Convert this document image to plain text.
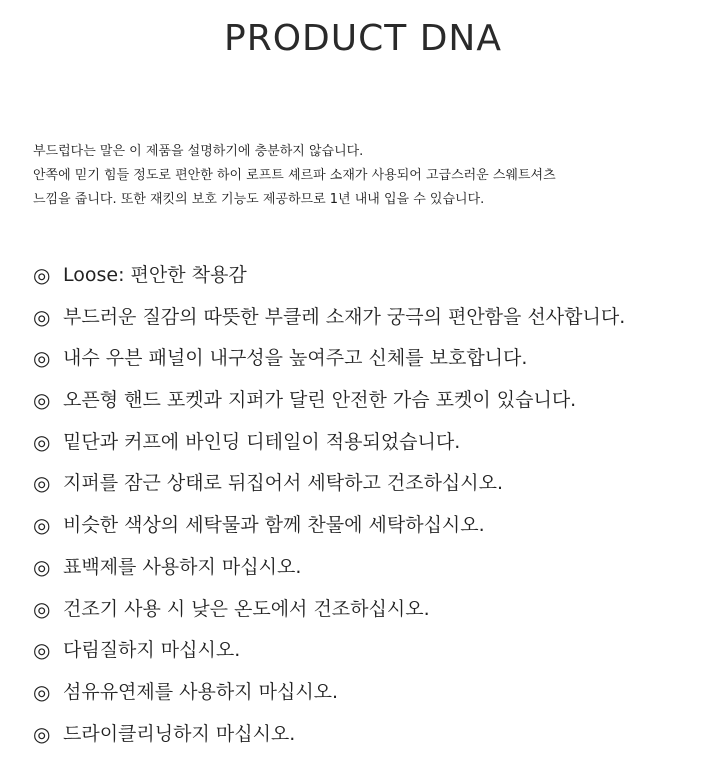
PRODUCT DNA
부드럽다는 말은 이 제품을 설명하기에 충분하지 않습니다.
안쪽에 믿기 힘들 정도로 편안한 하이 로프트 셰르파 소재가 사용되어 고급스러운 스웨트셔츠
느낌을 줍니다. 또한 재킷의 보호 기능도 제공하므로 1년 내내 입을 수 있습니다.
◎ Loose: 편안한 착용감
◎ 부드러운 질감의 따뜻한 부클레 소재가 궁극의 편안함을 선사합니다.
◎ 내수 우븐 패널이 내구성을 높여주고 신체를 보호합니다.
◎ 오픈형 핸드 포켓과 지퍼가 달린 안전한 가슴 포켓이 있습니다.
◎ 밑단과 커프에 바인딩 디테일이 적용되었습니다.
◎ 지퍼를 잠근 상태로 뒤집어서 세탁하고 건조하십시오.
◎ 비슷한 색상의 세탁물과 함께 찬물에 세탁하십시오.
◎ 표백제를 사용하지 마십시오.
◎ 건조기 사용 시 낮은 온도에서 건조하십시오.
◎ 다림질하지 마십시오.
◎ 섬유유연제를 사용하지 마십시오.
◎ 드라이클리닝하지 마십시오.
